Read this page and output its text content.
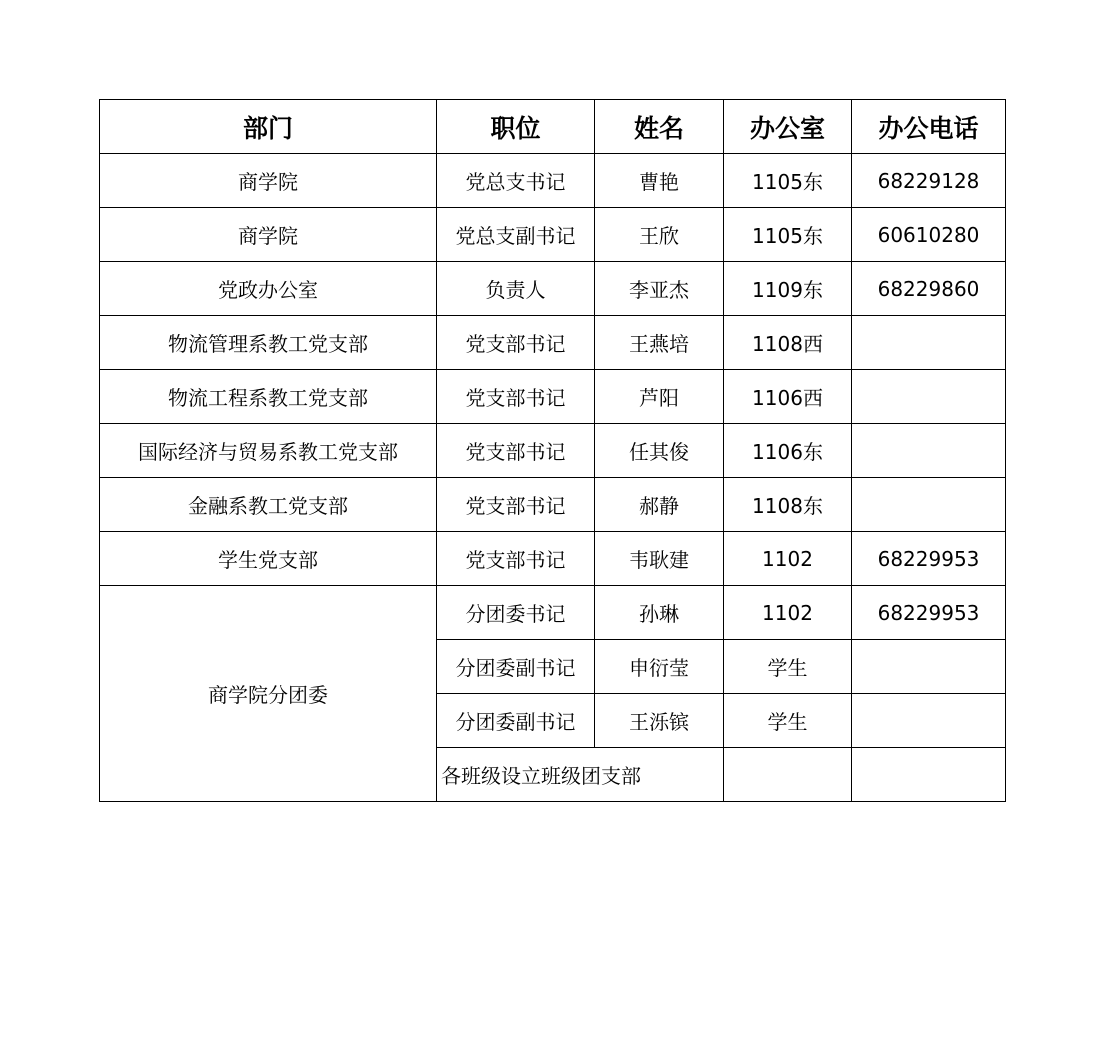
部门	职位	姓名	办公室	办公电话
商学院	党总支书记	曹艳	1105东	68229128
商学院	党总支副书记	王欣	1105东	60610280
党政办公室	负责人	李亚杰	1109东	68229860
物流管理系教工党支部	党支部书记	王燕培	1108西	
物流工程系教工党支部	党支部书记	芦阳	1106西	
国际经济与贸易系教工党支部	党支部书记	任其俊	1106东	
金融系教工党支部	党支部书记	郝静	1108东	
学生党支部	党支部书记	韦耿建	1102	68229953
商学院分团委	分团委书记	孙琳	1102	68229953
	分团委副书记	申衍莹	学生	
	分团委副书记	王泺镔	学生	
	各班级设立班级团支部			
